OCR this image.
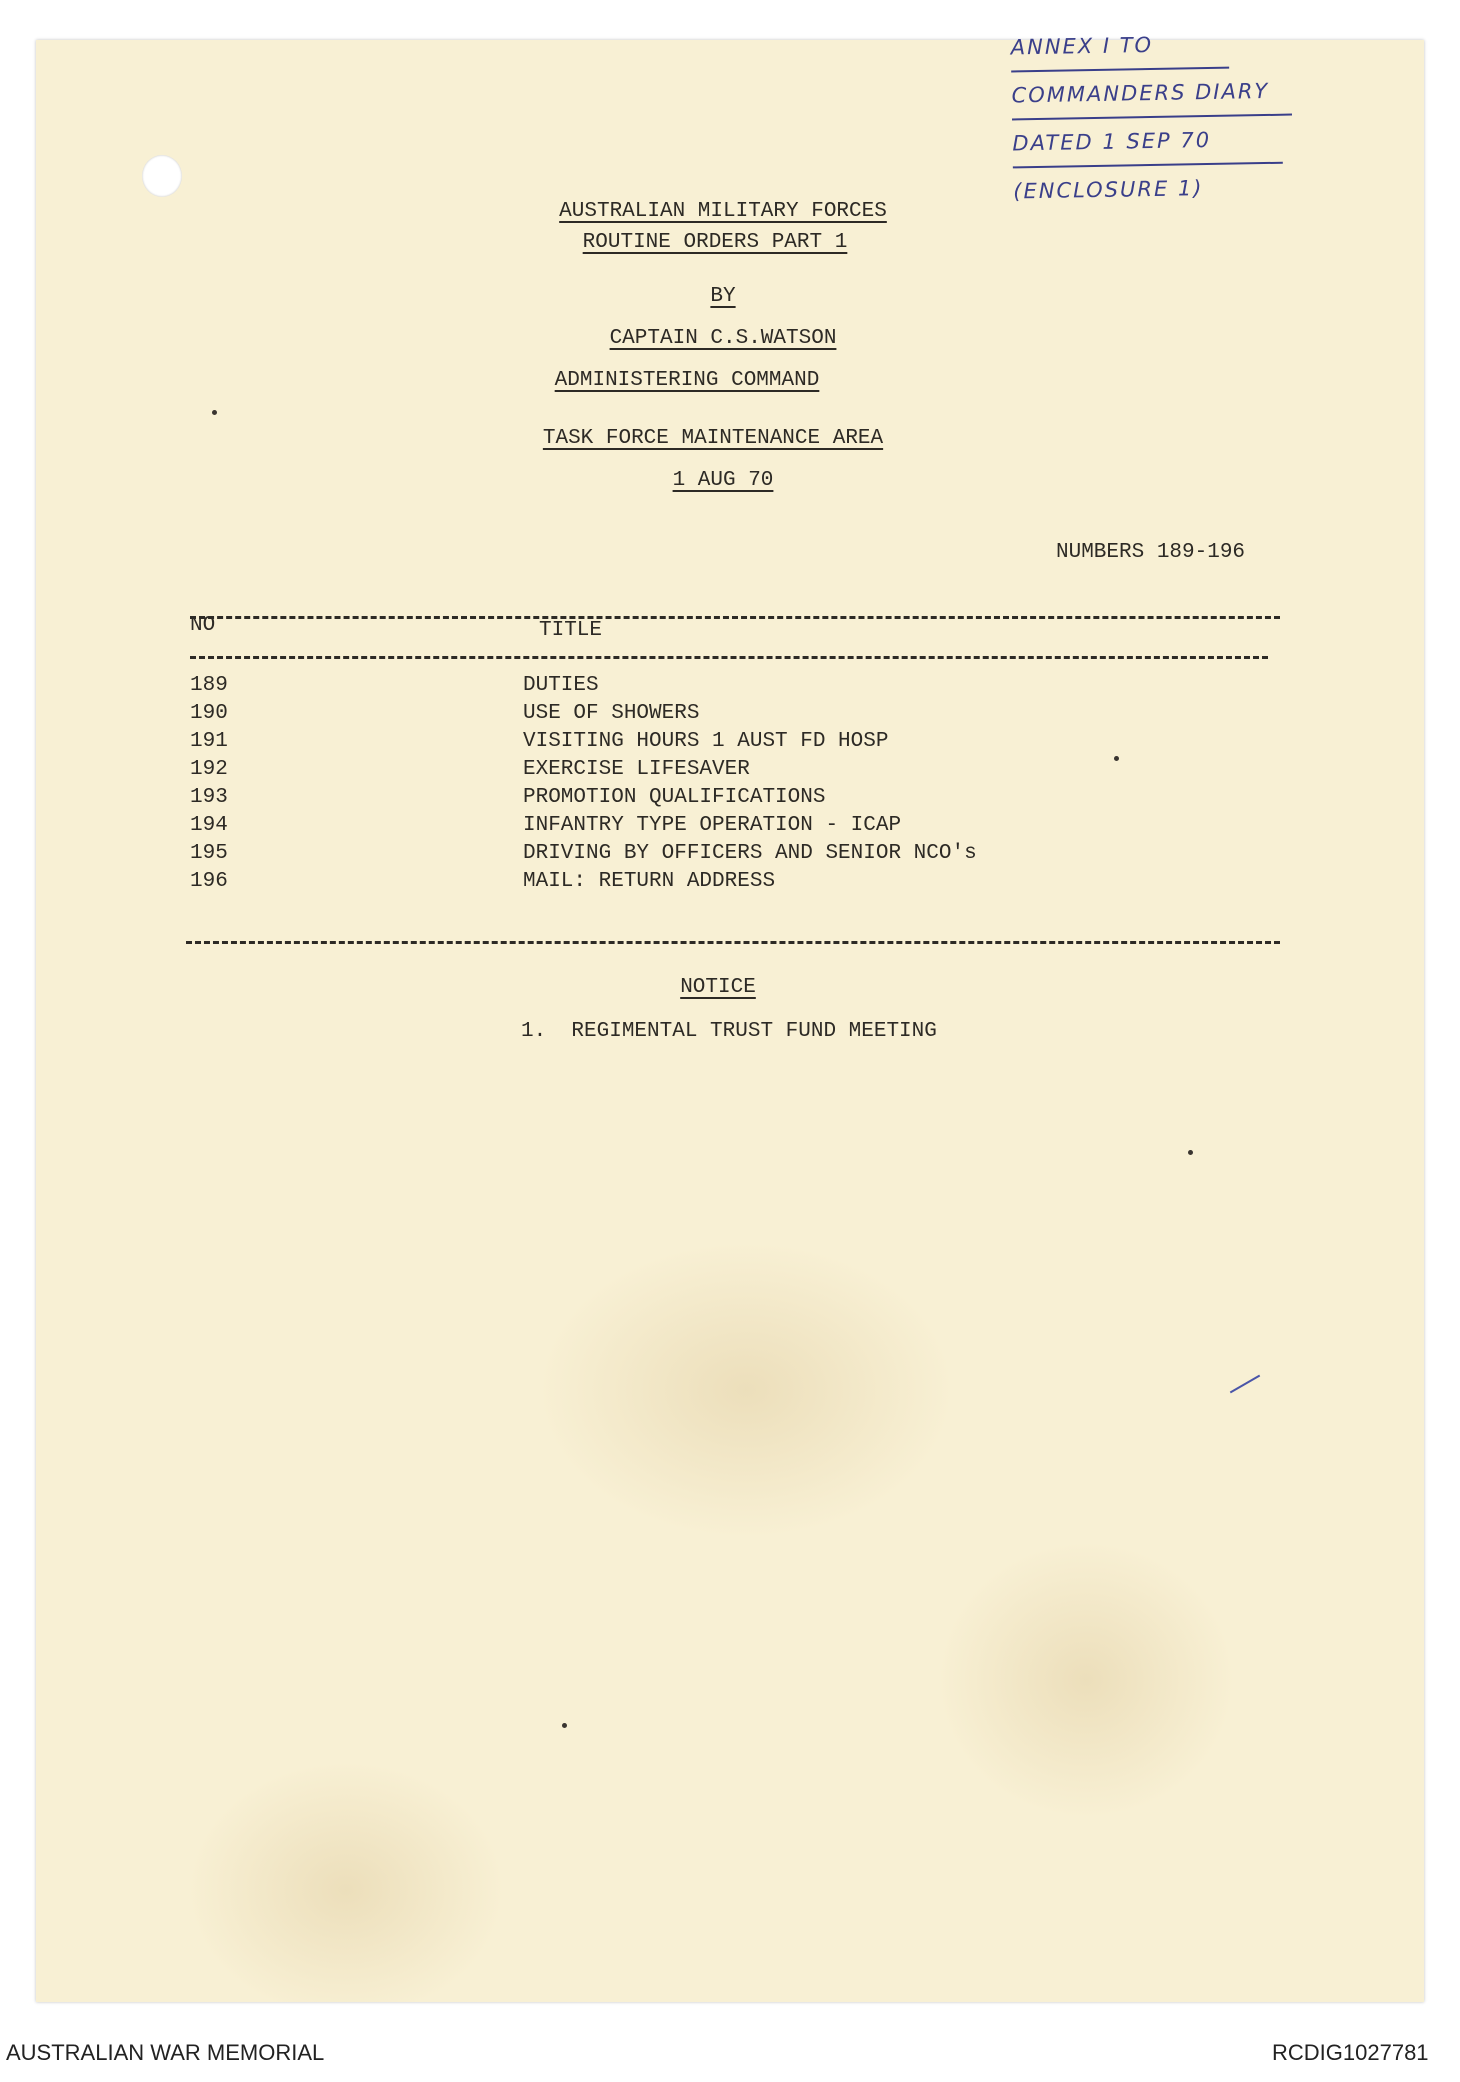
ANNEX I TO
COMMANDERS DIARY
DATED 1 SEP 70
(ENCLOSURE 1)
AUSTRALIAN MILITARY FORCES
ROUTINE ORDERS PART 1
BY
CAPTAIN C.S.WATSON
ADMINISTERING COMMAND
TASK FORCE MAINTENANCE AREA
1 AUG 70
NUMBERS 189-196
NO	TITLE
189	DUTIES
190	USE OF SHOWERS
191	VISITING HOURS 1 AUST FD HOSP
192	EXERCISE LIFESAVER
193	PROMOTION QUALIFICATIONS
194	INFANTRY TYPE OPERATION - ICAP
195	DRIVING BY OFFICERS AND SENIOR NCO's
196	MAIL: RETURN ADDRESS
NOTICE
1.  REGIMENTAL TRUST FUND MEETING
AUSTRALIAN WAR MEMORIAL	RCDIG1027781
